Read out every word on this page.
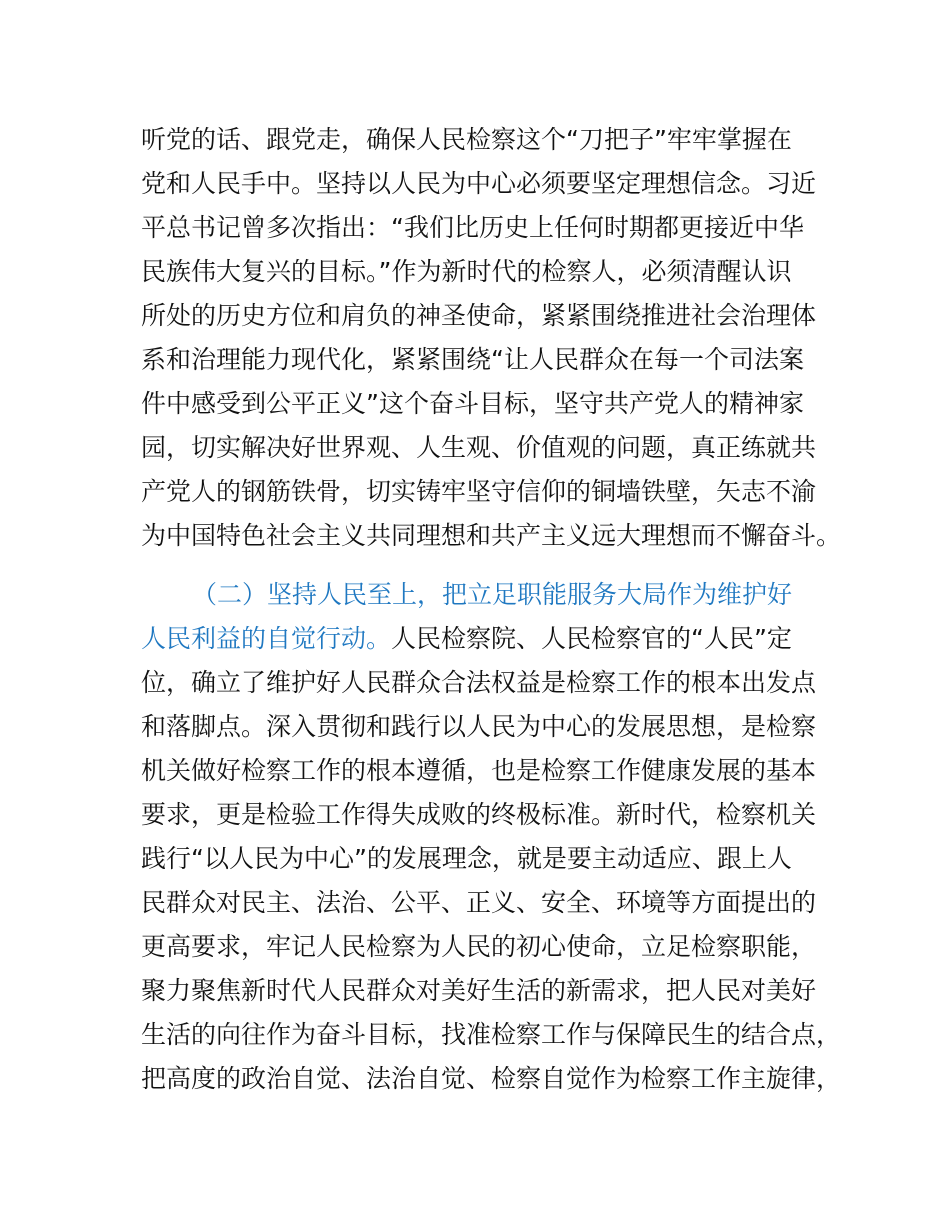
听党的话、跟党走，确保人民检察这个“刀把子”牢牢掌握在
党和人民手中。坚持以人民为中心必须要坚定理想信念。习近
平总书记曾多次指出：“我们比历史上任何时期都更接近中华
民族伟大复兴的目标。”作为新时代的检察人，必须清醒认识
所处的历史方位和肩负的神圣使命，紧紧围绕推进社会治理体
系和治理能力现代化，紧紧围绕“让人民群众在每一个司法案
件中感受到公平正义”这个奋斗目标，坚守共产党人的精神家
园，切实解决好世界观、人生观、价值观的问题，真正练就共
产党人的钢筋铁骨，切实铸牢坚守信仰的铜墙铁壁，矢志不渝
为中国特色社会主义共同理想和共产主义远大理想而不懈奋斗。
（二）坚持人民至上，把立足职能服务大局作为维护好
人民利益的自觉行动。人民检察院、人民检察官的“人民”定
位，确立了维护好人民群众合法权益是检察工作的根本出发点
和落脚点。深入贯彻和践行以人民为中心的发展思想，是检察
机关做好检察工作的根本遵循，也是检察工作健康发展的基本
要求，更是检验工作得失成败的终极标准。新时代，检察机关
践行“以人民为中心”的发展理念，就是要主动适应、跟上人
民群众对民主、法治、公平、正义、安全、环境等方面提出的
更高要求，牢记人民检察为人民的初心使命，立足检察职能，
聚力聚焦新时代人民群众对美好生活的新需求，把人民对美好
生活的向往作为奋斗目标，找准检察工作与保障民生的结合点，
把高度的政治自觉、法治自觉、检察自觉作为检察工作主旋律，
